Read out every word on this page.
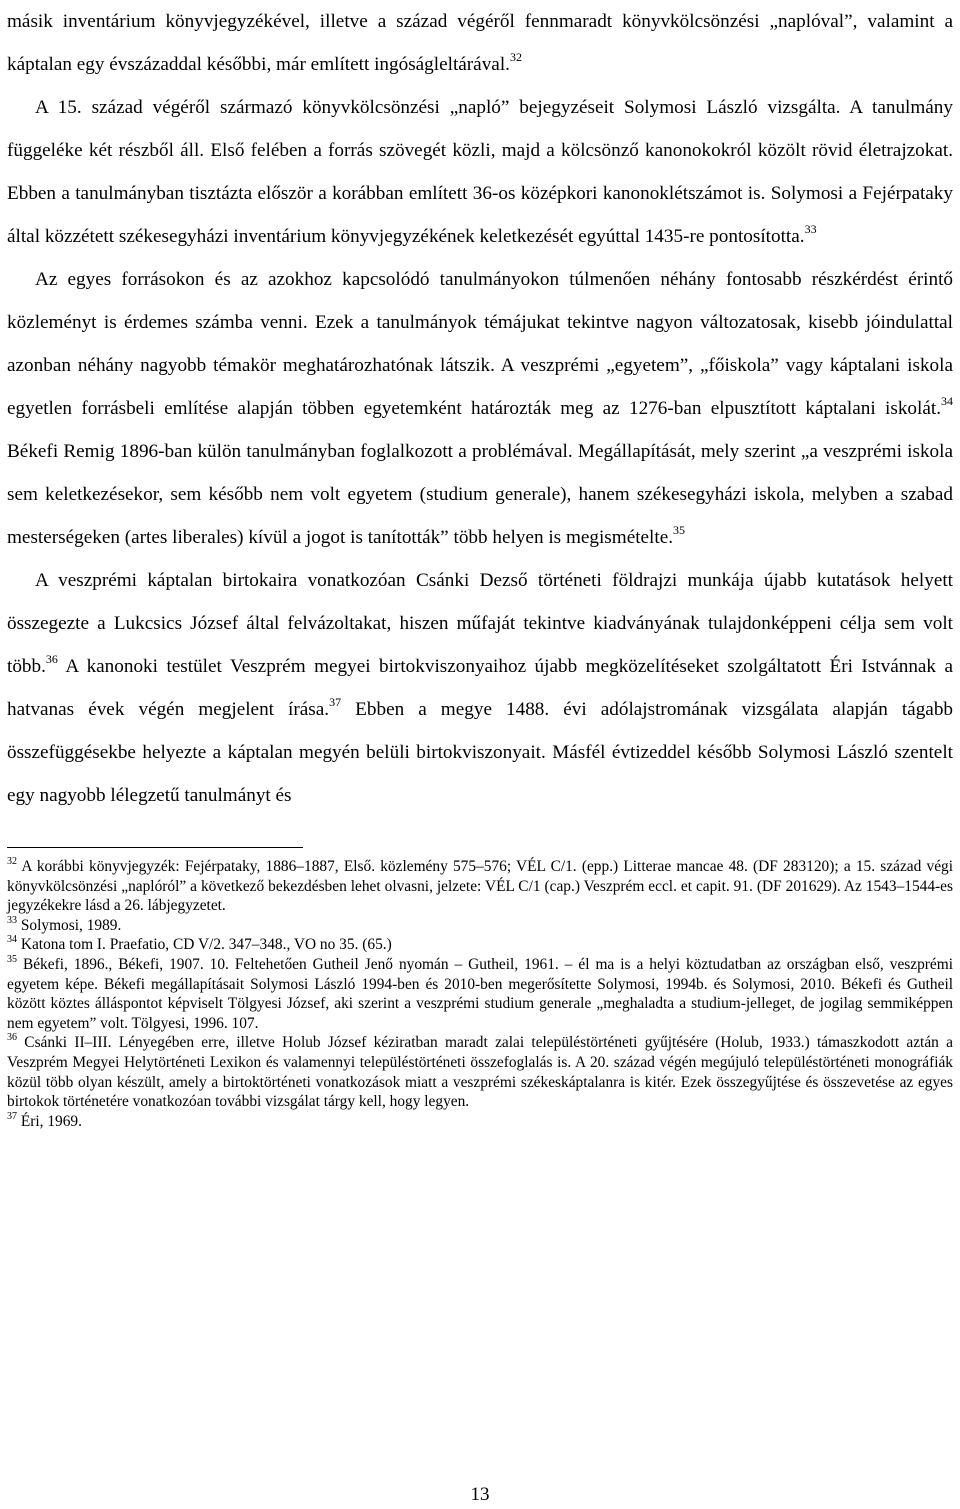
másik inventárium könyvjegyzékével, illetve a század végéről fennmaradt könyvkölcsönzési „naplóval”, valamint a káptalan egy évszázaddal későbbi, már említett ingóságleltárával.$^{32}$

A 15. század végéről származó könyvkölcsönzési „napló” bejegyzéseit Solymosi László vizsgálta. A tanulmány függeléke két részből áll. Első felében a forrás szövegét közli, majd a kölcsönző kanonokokról közölt rövid életrajzokat. Ebben a tanulmányban tisztázta először a korábban említett 36-os középkori kanonoklétszámot is. Solymosi a Fejérpataky által közzétett székesegyházi inventárium könyvjegyzékének keletkezését egyúttal 1435-re pontosította.$^{33}$

Az egyes forrásokon és az azokhoz kapcsolódó tanulmányokon túlmenően néhány fontosabb részkérdést érintő közleményt is érdemes számba venni. Ezek a tanulmányok témájukat tekintve nagyon változatosak, kisebb jóindulattal azonban néhány nagyobb témakör meghatározhatónak látszik. A veszprémi „egyetem”, „főiskola” vagy káptalani iskola egyetlen forrásbeli említése alapján többen egyetemként határozták meg az 1276-ban elpusztított káptalani iskolát.$^{34}$ Békefi Remig 1896-ban külön tanulmányban foglalkozott a problémával. Megállapítását, mely szerint „a veszprémi iskola sem keletkezésekor, sem később nem volt egyetem (studium generale), hanem székesegyházi iskola, melyben a szabad mesterségeken (artes liberales) kívül a jogot is tanították” több helyen is megismételte.$^{35}$

A veszprémi káptalan birtokaira vonatkozóan Csánki Dezső történeti földrajzi munkája újabb kutatások helyett összegezte a Lukcsics József által felvázoltakat, hiszen műfaját tekintve kiadványának tulajdonképpeni célja sem volt több.$^{36}$ A kanonoki testület Veszprém megyei birtokviszonyaihoz újabb megközelítéseket szolgáltatott Éri Istvánnak a hatvanas évek végén megjelent írása.$^{37}$ Ebben a megye 1488. évi adólajstromának vizsgálata alapján tágabb összefüggésekbe helyezte a káptalan megyén belüli birtokviszonyait. Másfél évtizeddel később Solymosi László szentelt egy nagyobb lélegzetű tanulmányt és

$^{32}$ A korábbi könyvjegyzék: Fejérpataky, 1886–1887, Első. közlemény 575–576; VÉL C/1. (epp.) Litterae mancae 48. (DF 283120); a 15. század végi könyvkölcsönzési „naplóról” a következő bekezdésben lehet olvasni, jelzete: VÉL C/1 (cap.) Veszprém eccl. et capit. 91. (DF 201629). Az 1543–1544-es jegyzékekre lásd a 26. lábjegyzetet.

$^{33}$ Solymosi, 1989.

$^{34}$ Katona tom I. Praefatio, CD V/2. 347–348., VO no 35. (65.)

$^{35}$ Békefi, 1896., Békefi, 1907. 10. Feltehetően Gutheil Jenő nyomán – Gutheil, 1961. – él ma is a helyi köztudatban az országban első, veszprémi egyetem képe. Békefi megállapításait Solymosi László 1994-ben és 2010-ben megerősítette Solymosi, 1994b. és Solymosi, 2010. Békefi és Gutheil között köztes álláspontot képviselt Tölgyesi József, aki szerint a veszprémi studium generale „meghaladta a studium-jelleget, de jogilag semmiképpen nem egyetem” volt. Tölgyesi, 1996. 107.

$^{36}$ Csánki II–III. Lényegében erre, illetve Holub József kéziratban maradt zalai településtörténeti gyűjtésére (Holub, 1933.) támaszkodott aztán a Veszprém Megyei Helytörténeti Lexikon és valamennyi településtörténeti összefoglalás is. A 20. század végén megújuló településtörténeti monográfiák közül több olyan készült, amely a birtoktörténeti vonatkozások miatt a veszprémi székeskáptalanra is kitér. Ezek összegyűjtése és összevetése az egyes birtokok történetére vonatkozóan további vizsgálat tárgy kell, hogy legyen.

$^{37}$ Éri, 1969.

13
